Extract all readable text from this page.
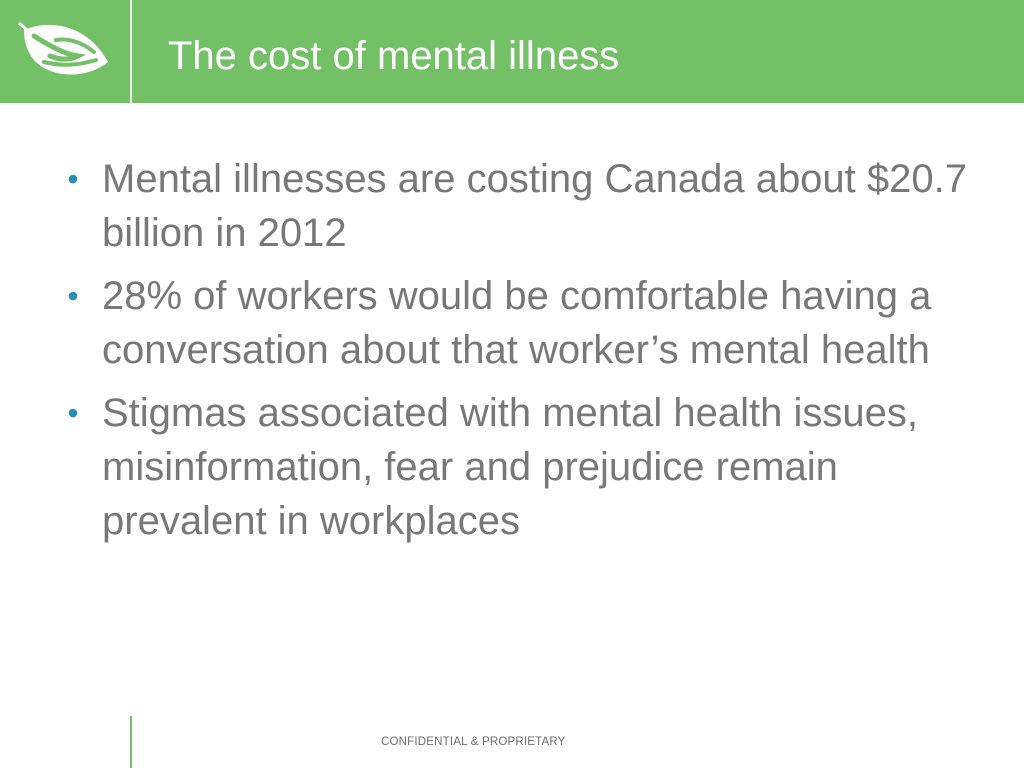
The cost of mental illness
• Mental illnesses are costing Canada about $20.7 billion in 2012
• 28% of workers would be comfortable having a conversation about that worker’s mental health
• Stigmas associated with mental health issues, misinformation, fear and prejudice remain prevalent in workplaces
CONFIDENTIAL & PROPRIETARY
